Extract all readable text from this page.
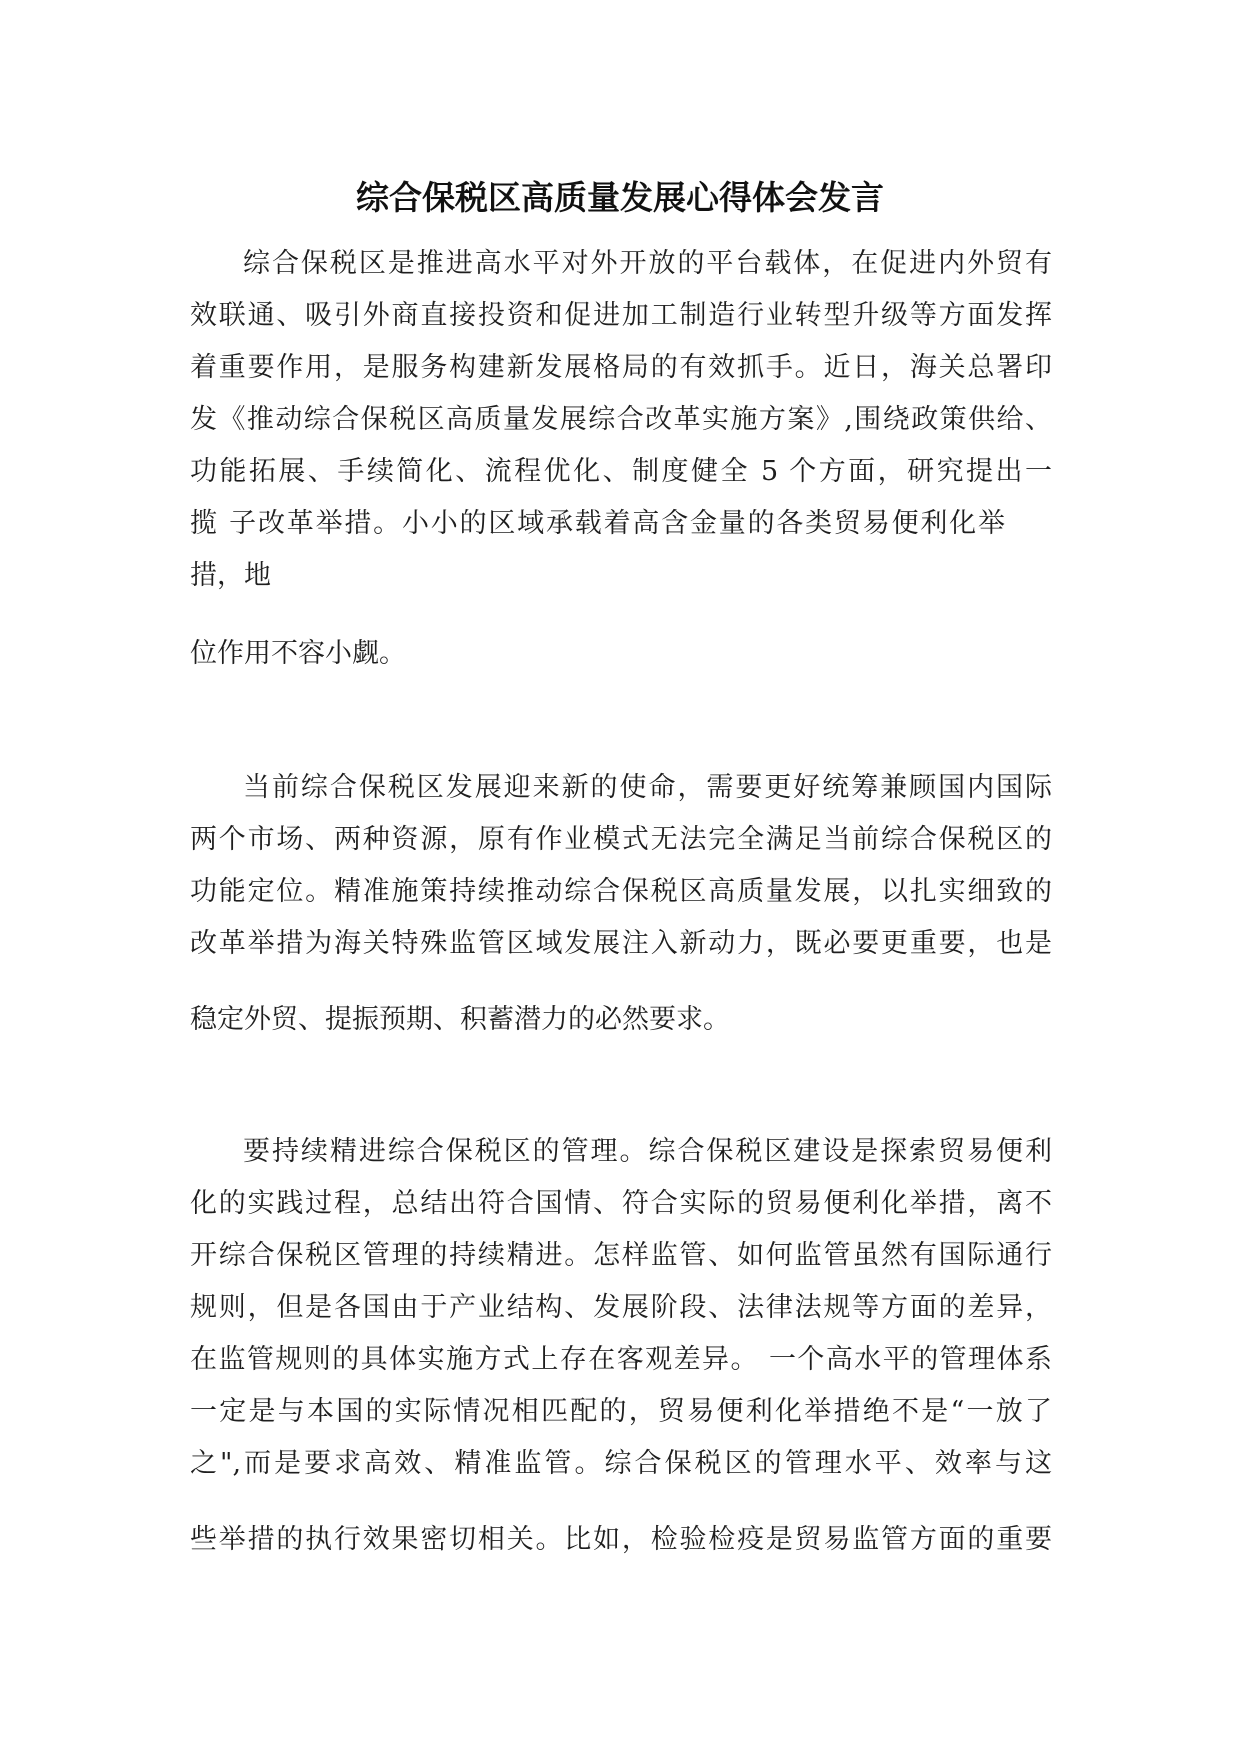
综合保税区高质量发展心得体会发言

综合保税区是推进高水平对外开放的平台载体，在促进内外贸有

效联通、吸引外商直接投资和促进加工制造行业转型升级等方面发挥

着重要作用，是服务构建新发展格局的有效抓手。近日，海关总署印

发《推动综合保税区高质量发展综合改革实施方案》,围绕政策供给、

功能拓展、手续简化、流程优化、制度健全 5 个方面，研究提出一

揽 子改革举措。小小的区域承载着高含金量的各类贸易便利化举

措，地

位作用不容小觑。

当前综合保税区发展迎来新的使命，需要更好统筹兼顾国内国际

两个市场、两种资源，原有作业模式无法完全满足当前综合保税区的

功能定位。精准施策持续推动综合保税区高质量发展，以扎实细致的

改革举措为海关特殊监管区域发展注入新动力，既必要更重要，也是

稳定外贸、提振预期、积蓄潜力的必然要求。

要持续精进综合保税区的管理。综合保税区建设是探索贸易便利

化的实践过程，总结出符合国情、符合实际的贸易便利化举措，离不

开综合保税区管理的持续精进。怎样监管、如何监管虽然有国际通行

规则，但是各国由于产业结构、发展阶段、法律法规等方面的差异，

在监管规则的具体实施方式上存在客观差异。 一个高水平的管理体系

一定是与本国的实际情况相匹配的，贸易便利化举措绝不是“一放了

之",而是要求高效、精准监管。综合保税区的管理水平、效率与这

些举措的执行效果密切相关。比如，检验检疫是贸易监管方面的重要
